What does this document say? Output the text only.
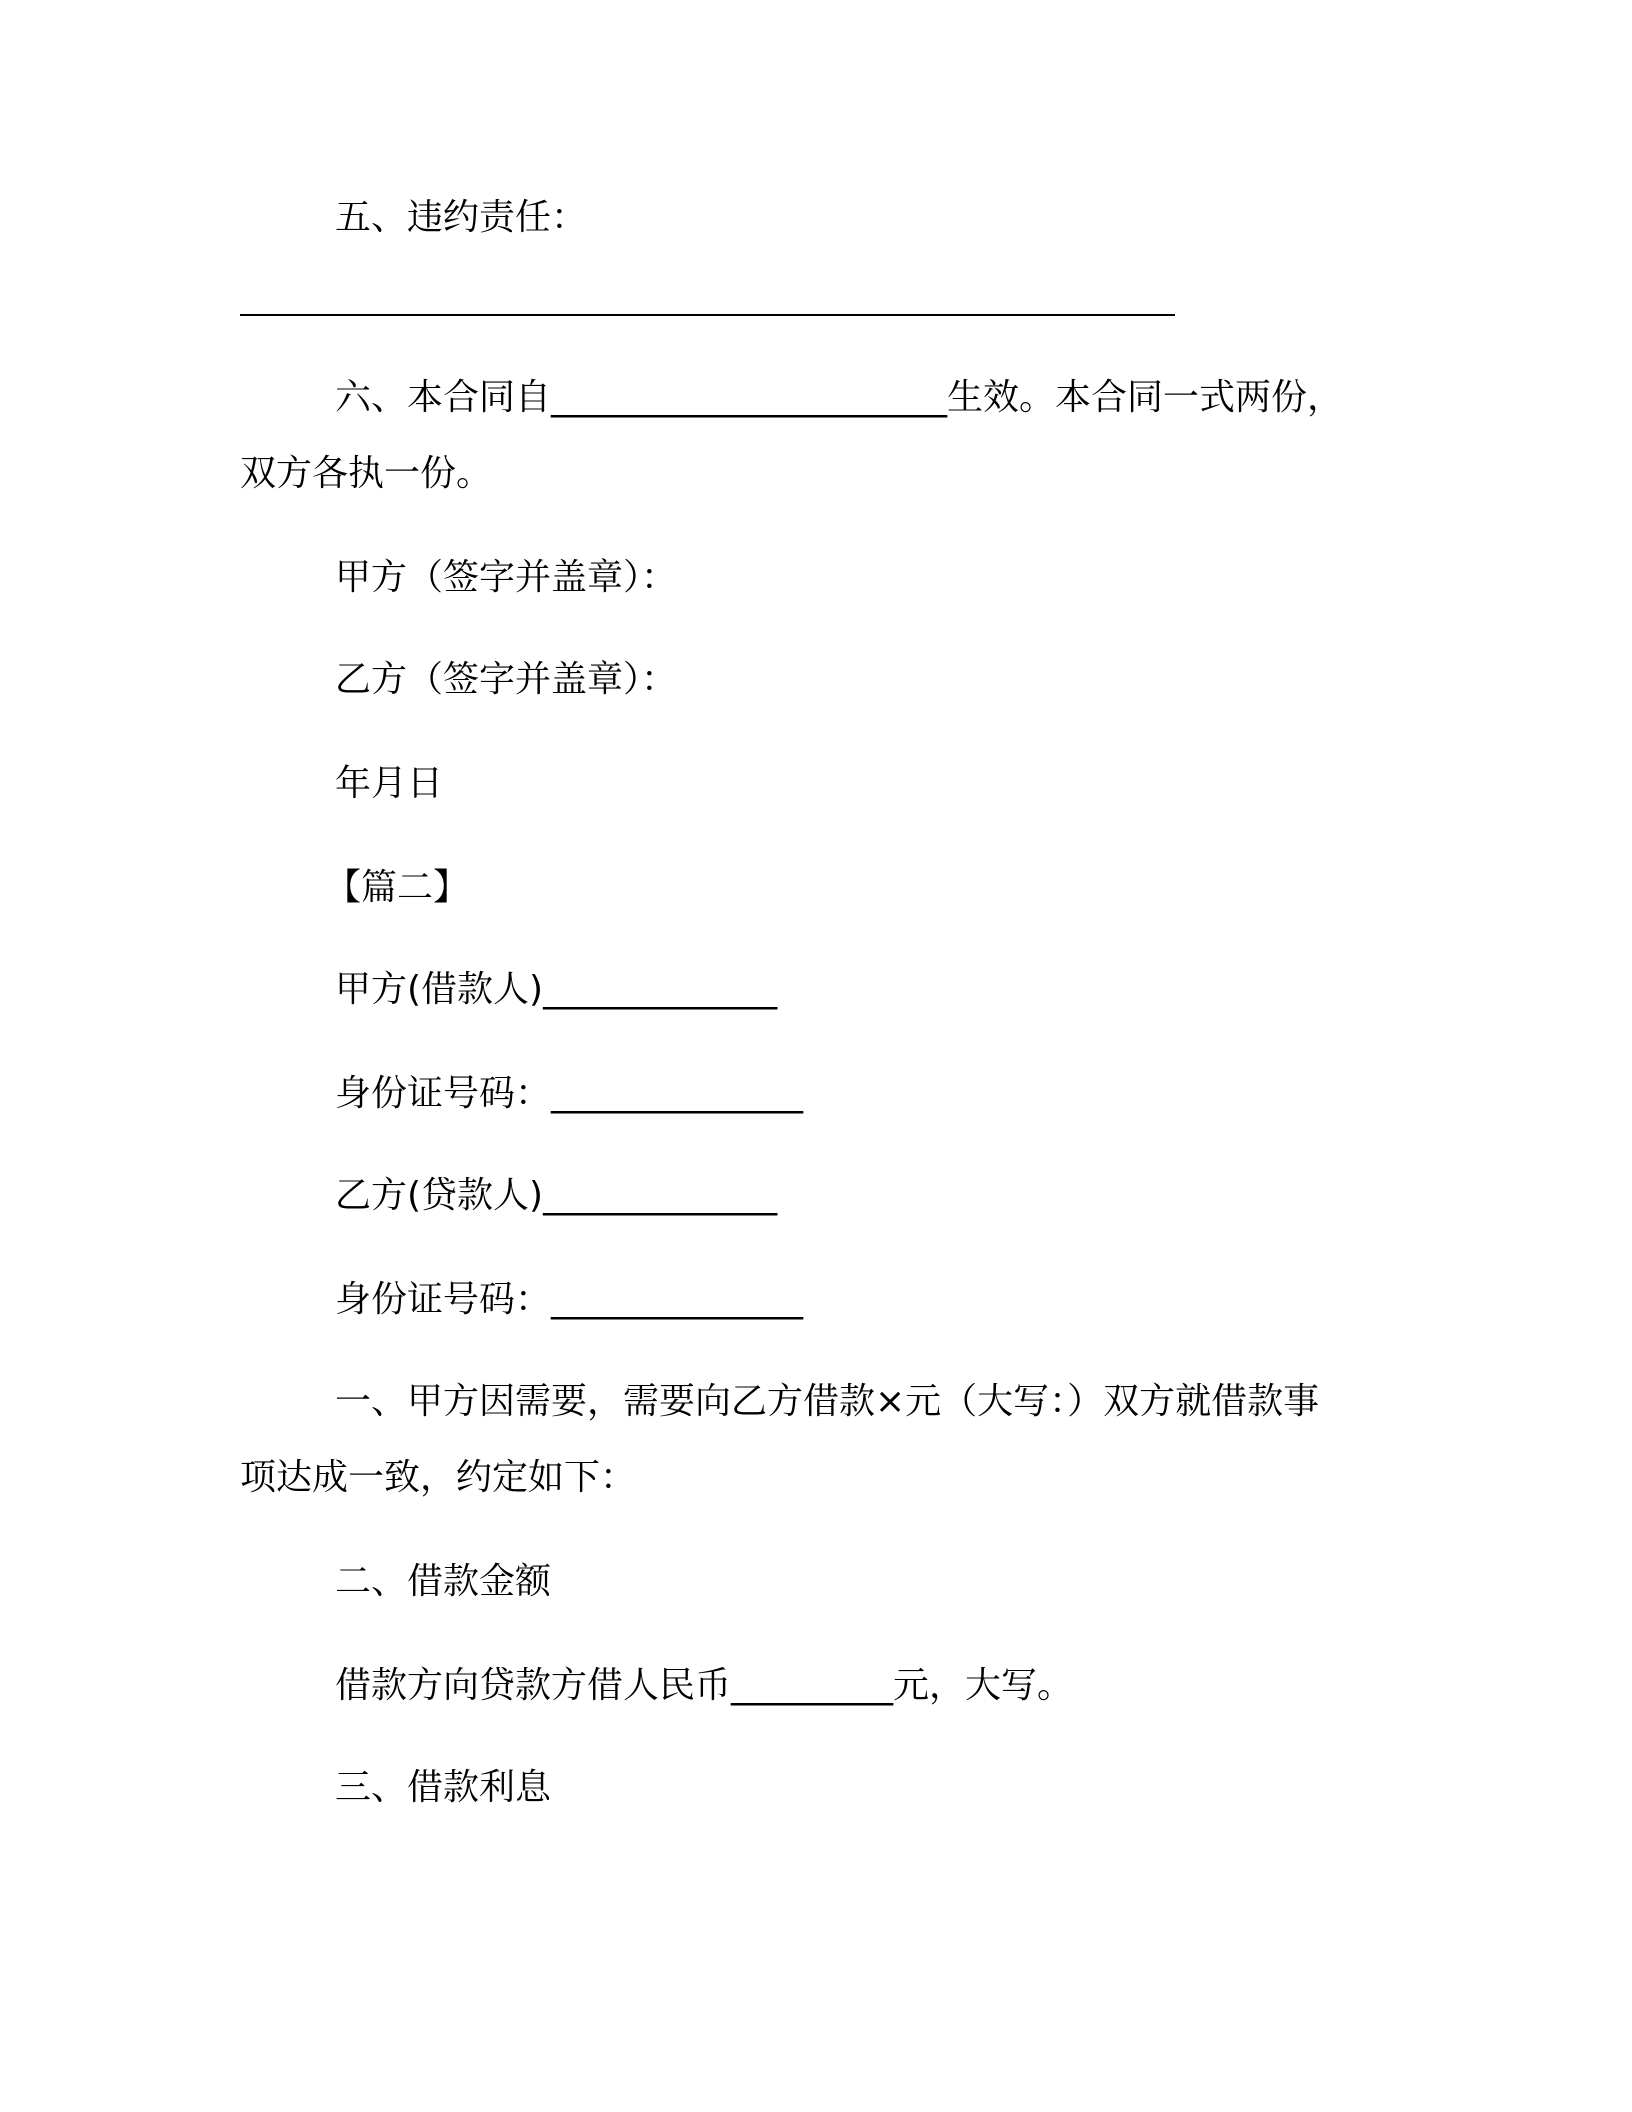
五、违约责任：
六、本合同自______________________生效。本合同一式两份，
双方各执一份。
甲方（签字并盖章）：
乙方（签字并盖章）：
年月日
【篇二】
甲方(借款人)_____________
身份证号码：______________
乙方(贷款人)_____________
身份证号码：______________
一、甲方因需要，需要向乙方借款×元（大写：）双方就借款事
项达成一致，约定如下：
二、借款金额
借款方向贷款方借人民币_________元，大写。
三、借款利息
